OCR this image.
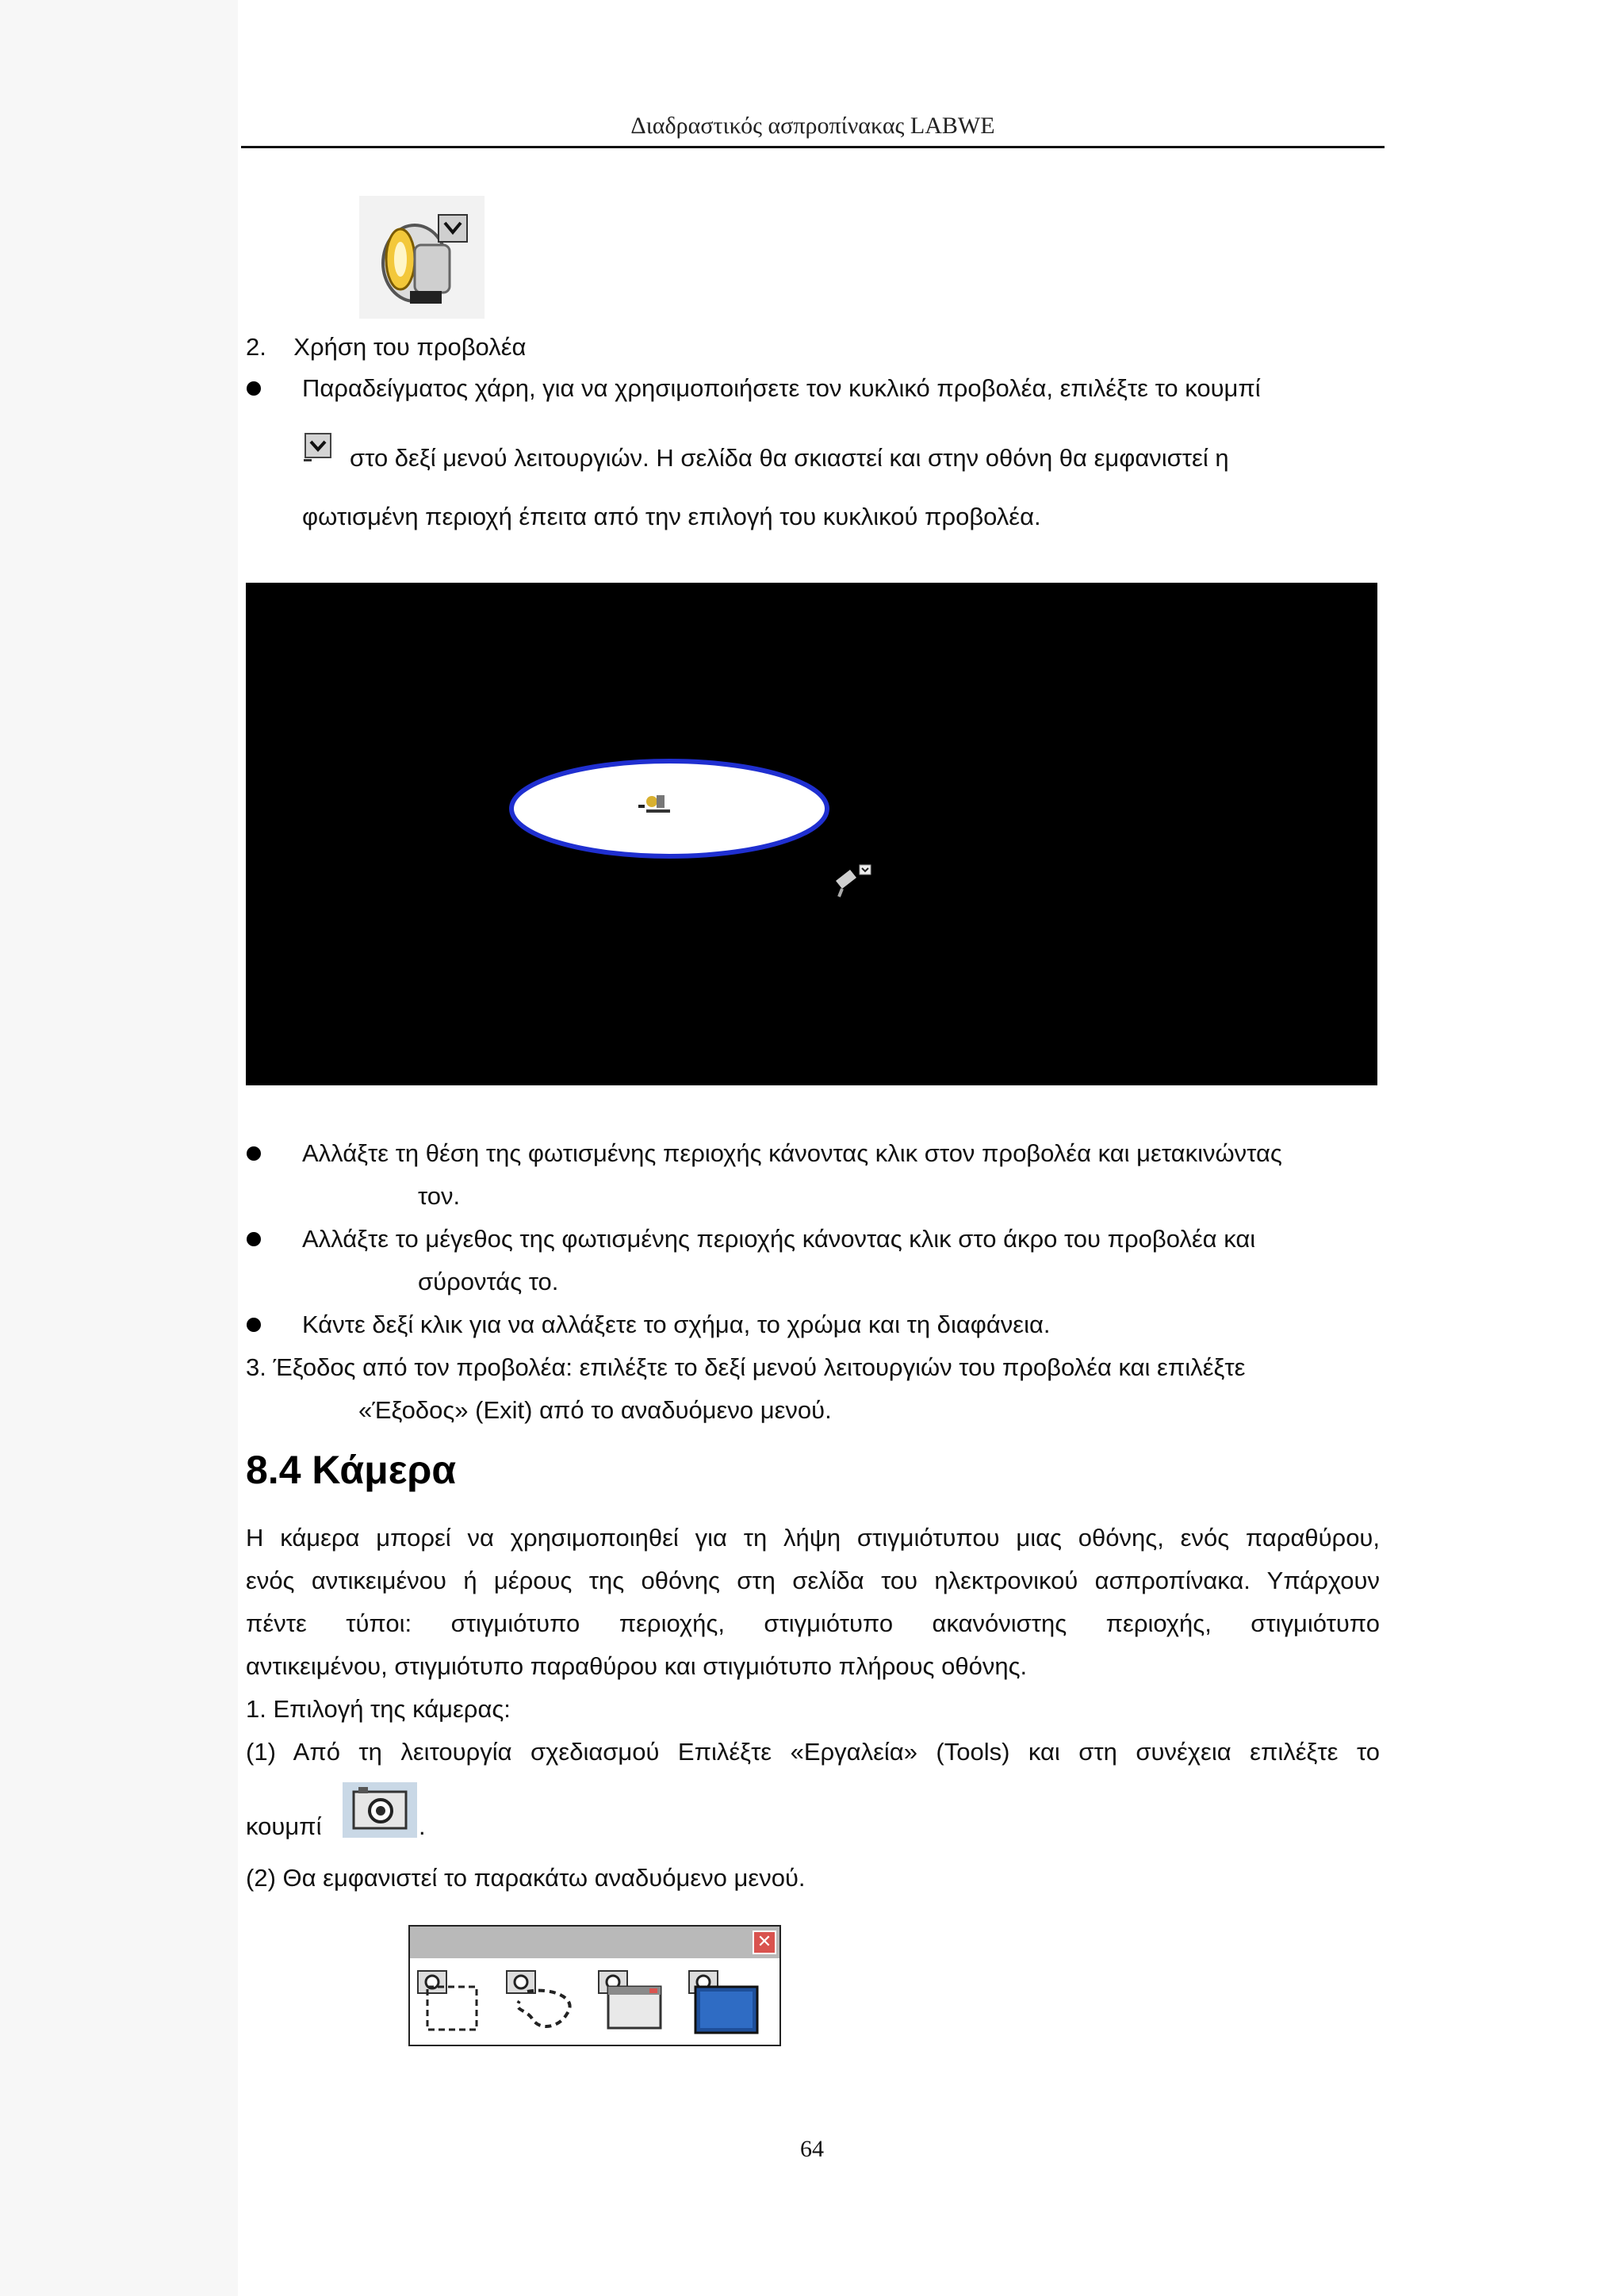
Διαδραστικός ασπροπίνακας LABWE
2.    Χρήση του προβολέα
Παραδείγματος χάρη, για να χρησιμοποιήσετε τον κυκλικό προβολέα, επιλέξτε το κουμπί
στο δεξί μενού λειτουργιών. Η σελίδα θα σκιαστεί και στην οθόνη θα εμφανιστεί η
φωτισμένη περιοχή έπειτα από την επιλογή του κυκλικού προβολέα.
Αλλάξτε τη θέση της φωτισμένης περιοχής κάνοντας κλικ στον προβολέα και μετακινώντας
τον.
Αλλάξτε το μέγεθος της φωτισμένης περιοχής κάνοντας κλικ στο άκρο του προβολέα και
σύροντάς το.
Κάντε δεξί κλικ για να αλλάξετε το σχήμα, το χρώμα και τη διαφάνεια.
3. Έξοδος από τον προβολέα: επιλέξτε το δεξί μενού λειτουργιών του προβολέα και επιλέξτε
«Έξοδος» (Exit) από το αναδυόμενο μενού.
8.4 Κάμερα
Η κάμερα μπορεί να χρησιμοποιηθεί για τη λήψη στιγμιότυπου μιας οθόνης, ενός παραθύρου,
ενός αντικειμένου ή μέρους της οθόνης στη σελίδα του ηλεκτρονικού ασπροπίνακα. Υπάρχουν
πέντε τύποι: στιγμιότυπο περιοχής, στιγμιότυπο ακανόνιστης περιοχής, στιγμιότυπο
αντικειμένου, στιγμιότυπο παραθύρου και στιγμιότυπο πλήρους οθόνης.
1. Επιλογή της κάμερας:
(1) Από τη λειτουργία σχεδιασμού Επιλέξτε «Εργαλεία» (Tools) και στη συνέχεια επιλέξτε το
κουμπί	.
(2) Θα εμφανιστεί το παρακάτω αναδυόμενο μενού.
✕
64
